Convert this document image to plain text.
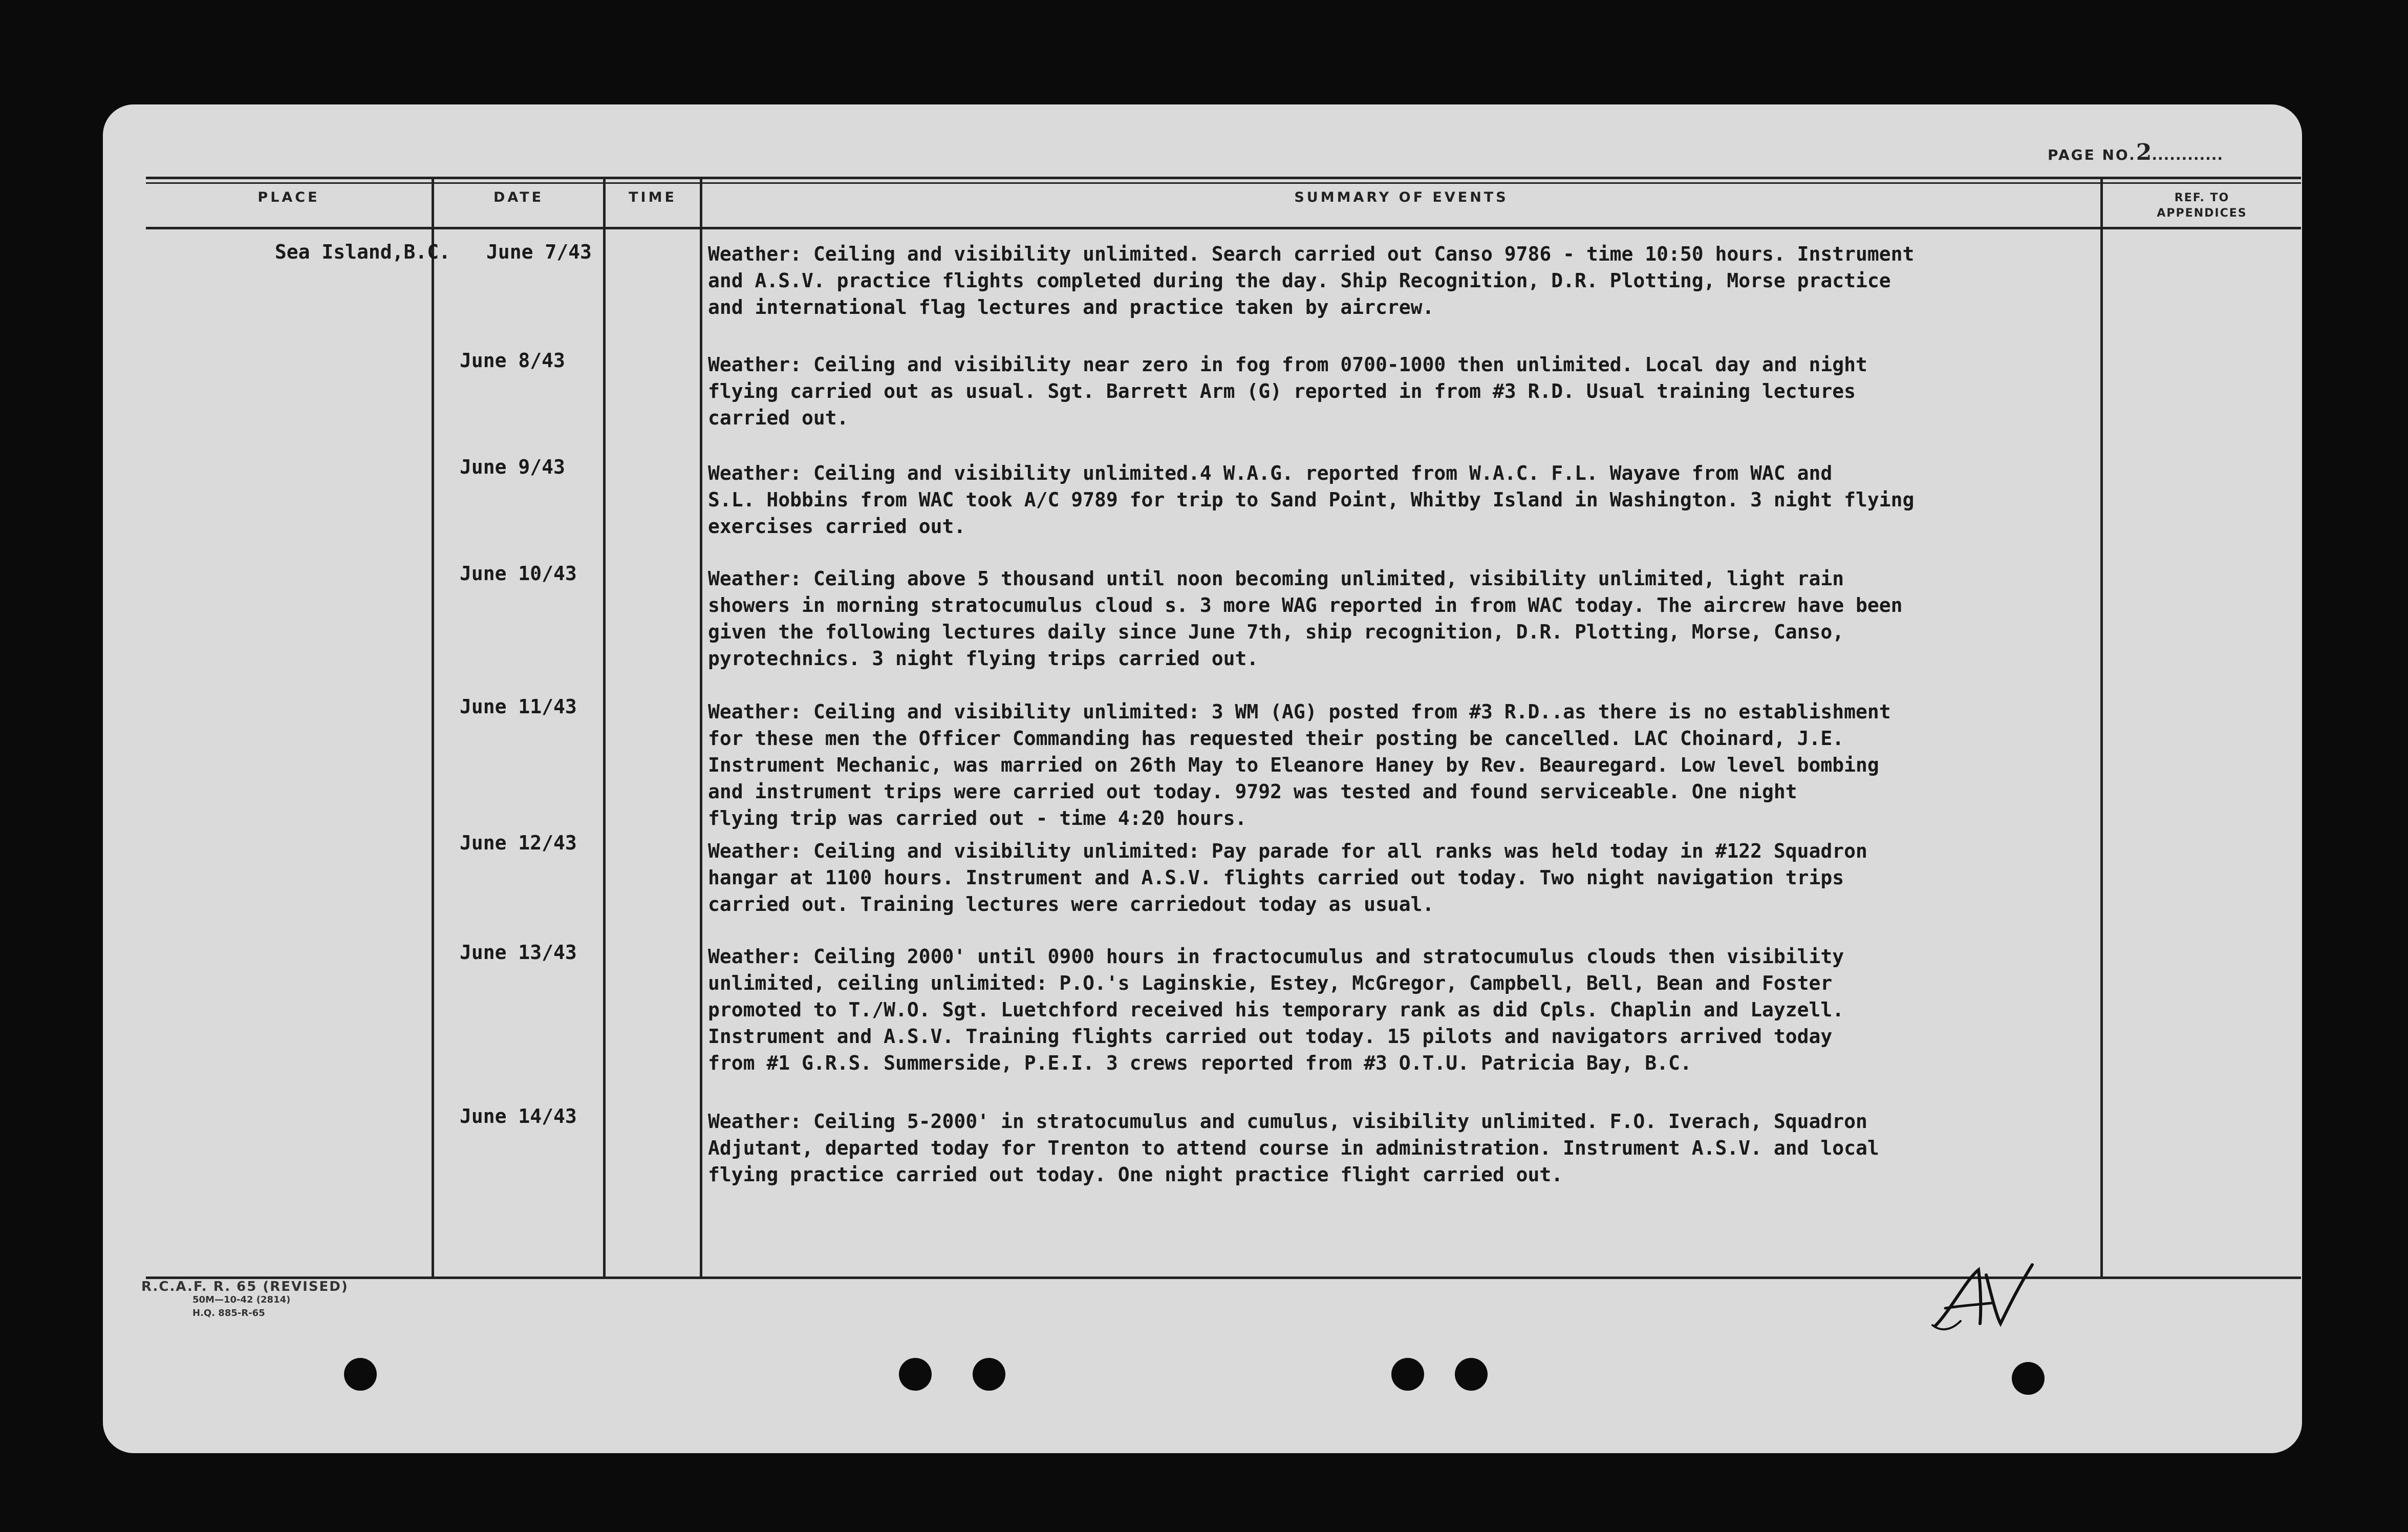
PAGE NO.2............
PLACE	DATE	TIME	SUMMARY OF EVENTS	REF. TO
APPENDICES
Sea Island,B.C. June 7/43	Weather: Ceiling and visibility unlimited. Search carried out Canso 9786 - time 10:50 hours. Instrument
and A.S.V. practice flights completed during the day. Ship Recognition, D.R. Plotting, Morse practice
and international flag lectures and practice taken by aircrew.
June 8/43	Weather: Ceiling and visibility near zero in fog from 0700-1000 then unlimited. Local day and night
flying carried out as usual. Sgt. Barrett Arm (G) reported in from #3 R.D. Usual training lectures
carried out.
June 9/43	Weather: Ceiling and visibility unlimited.4 W.A.G. reported from W.A.C. F.L. Wayave from WAC and
S.L. Hobbins from WAC took A/C 9789 for trip to Sand Point, Whitby Island in Washington. 3 night flying
exercises carried out.
June 10/43	Weather: Ceiling above 5 thousand until noon becoming unlimited, visibility unlimited, light rain
showers in morning stratocumulus cloud s. 3 more WAG reported in from WAC today. The aircrew have been
given the following lectures daily since June 7th, ship recognition, D.R. Plotting, Morse, Canso,
pyrotechnics. 3 night flying trips carried out.
June 11/43	Weather: Ceiling and visibility unlimited: 3 WM (AG) posted from #3 R.D..as there is no establishment
for these men the Officer Commanding has requested their posting be cancelled. LAC Choinard, J.E.
Instrument Mechanic, was married on 26th May to Eleanore Haney by Rev. Beauregard. Low level bombing
and instrument trips were carried out today. 9792 was tested and found serviceable. One night
flying trip was carried out - time 4:20 hours.
June 12/43	Weather: Ceiling and visibility unlimited: Pay parade for all ranks was held today in #122 Squadron
hangar at 1100 hours. Instrument and A.S.V. flights carried out today. Two night navigation trips
carried out. Training lectures were carriedout today as usual.
June 13/43	Weather: Ceiling 2000' until 0900 hours in fractocumulus and stratocumulus clouds then visibility
unlimited, ceiling unlimited: P.O.'s Laginskie, Estey, McGregor, Campbell, Bell, Bean and Foster
promoted to T./W.O. Sgt. Luetchford received his temporary rank as did Cpls. Chaplin and Layzell.
Instrument and A.S.V. Training flights carried out today. 15 pilots and navigators arrived today
from #1 G.R.S. Summerside, P.E.I. 3 crews reported from #3 O.T.U. Patricia Bay, B.C.
June 14/43	Weather: Ceiling 5-2000' in stratocumulus and cumulus, visibility unlimited. F.O. Iverach, Squadron
Adjutant, departed today for Trenton to attend course in administration. Instrument A.S.V. and local
flying practice carried out today. One night practice flight carried out.
R.C.A.F. R. 65 (REVISED)
50M—10-42 (2814)
H.Q. 885-R-65
